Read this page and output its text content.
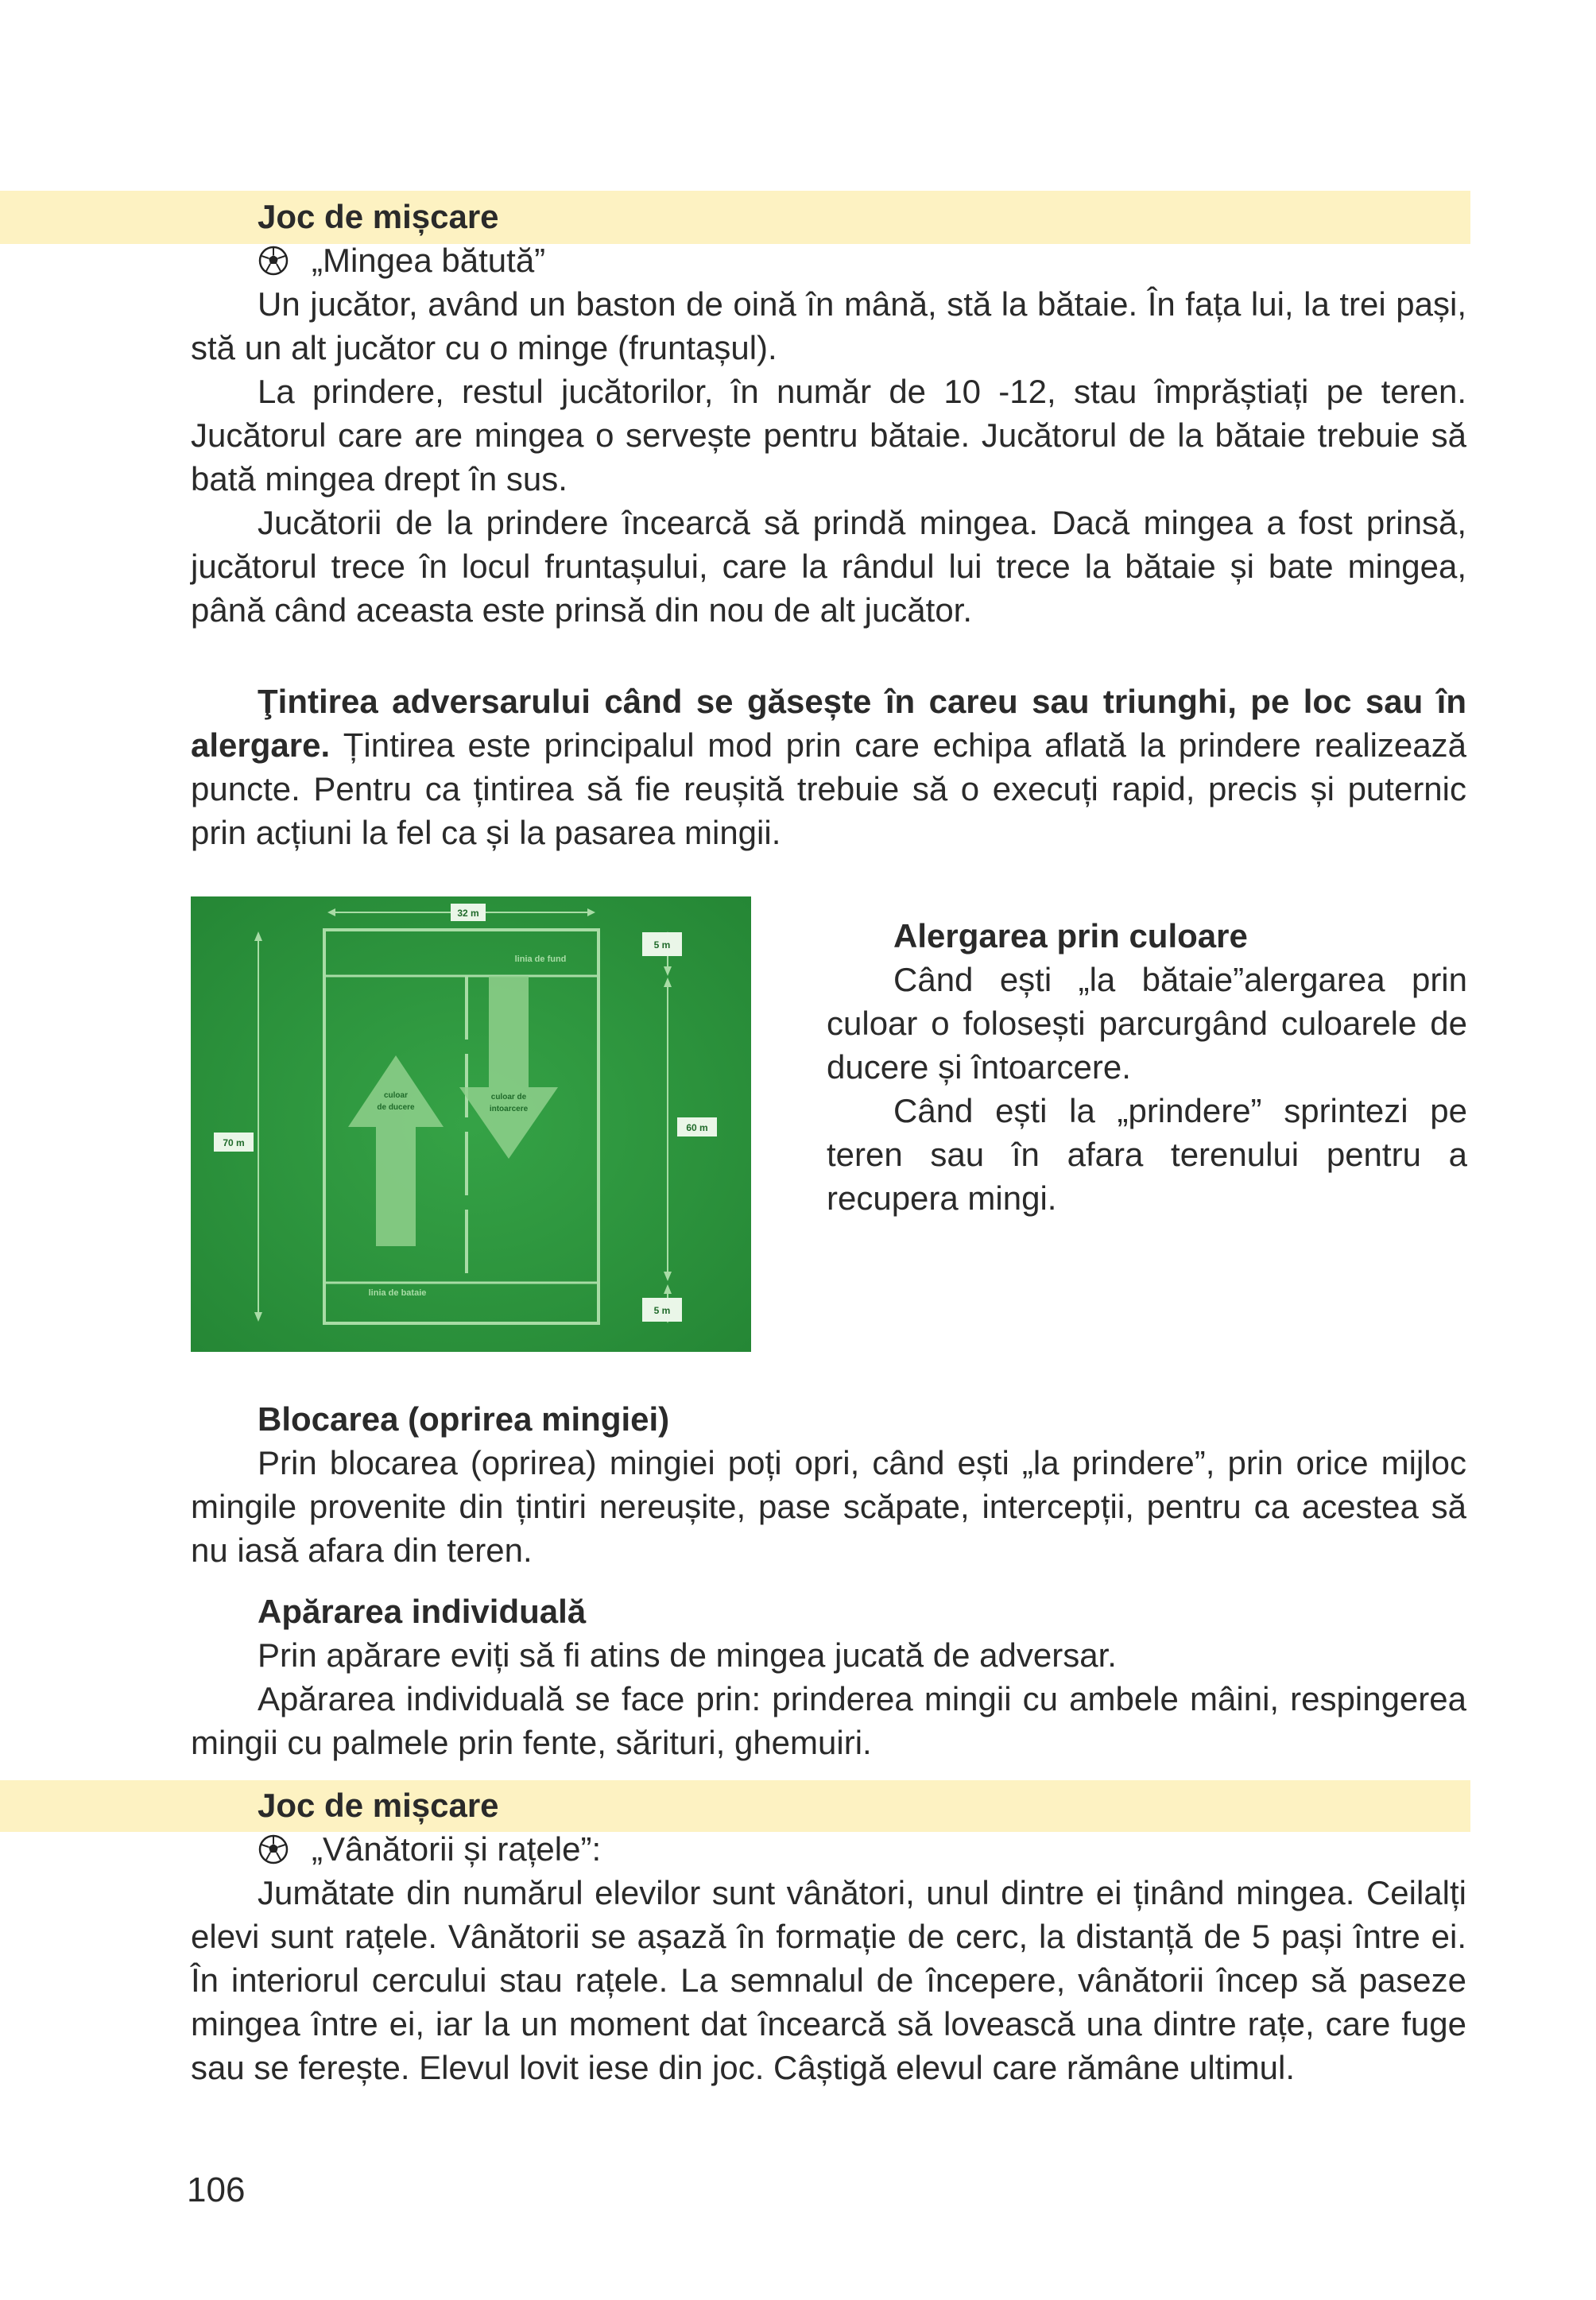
Joc de mișcare

„Mingea bătută”

Un jucător, având un baston de oină în mână, stă la bătaie. În fața lui, la trei pași, stă un alt jucător cu o minge (fruntașul).

La prindere, restul jucătorilor, în număr de 10 -12, stau împrăștiați pe teren. Jucătorul care are mingea o servește pentru bătaie. Jucătorul de la bătaie trebuie să bată mingea drept în sus.

Jucătorii de la prindere încearcă să prindă mingea. Dacă mingea a fost prinsă, jucătorul trece în locul fruntașului, care la rândul lui trece la bătaie și bate mingea, până când aceasta este prinsă din nou de alt jucător.

Ţintirea adversarului când se găsește în careu sau triunghi, pe loc sau în alergare. Țintirea este principalul mod prin care echipa aflată la prindere realizează puncte. Pentru ca țintirea să fie reușită trebuie să o execuți rapid, precis și puternic prin acțiuni la fel ca și la pasarea mingii.

32 m
70 m
5 m
60 m
5 m
linia de fund
linia de bataie
culoar
de ducere
culoar de
intoarcere

Alergarea prin culoare

Când ești „la bătaie”alergarea prin culoar o folosești parcurgând culoarele de ducere și întoarcere.

Când ești la „prindere” sprintezi pe teren sau în afara terenului pentru a recupera mingi.

Blocarea (oprirea mingiei)

Prin blocarea (oprirea) mingiei poți opri, când ești „la prindere”, prin orice mijloc mingile provenite din țintiri nereușite, pase scăpate, intercepții, pentru ca acestea să nu iasă afara din teren.

Apărarea individuală

Prin apărare eviți să fi atins de mingea jucată de adversar.

Apărarea individuală se face prin: prinderea mingii cu ambele mâini, respingerea mingii cu palmele prin fente, sărituri, ghemuiri.

Joc de mișcare

„Vânătorii și rațele”:

Jumătate din numărul elevilor sunt vânători, unul dintre ei ținând mingea. Ceilalți elevi sunt rațele. Vânătorii se așază în formație de cerc, la distanță de 5 pași între ei. În interiorul cercului stau rațele. La semnalul de începere, vânătorii încep să paseze mingea între ei, iar la un moment dat încearcă să lovească una dintre rațe, care fuge sau se ferește. Elevul lovit iese din joc. Câștigă elevul care rămâne ultimul.

106
